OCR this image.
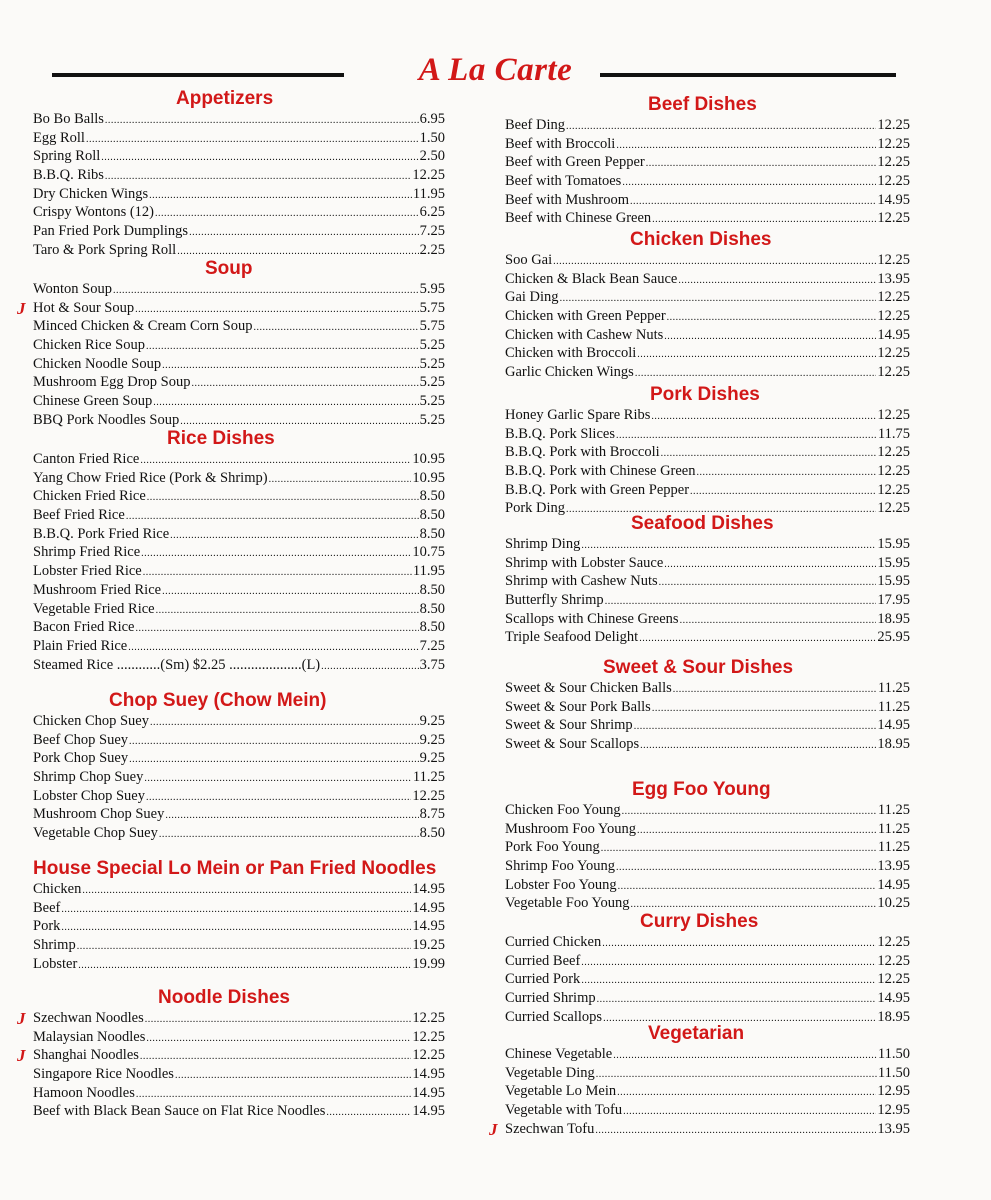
A La Carte
Appetizers
Bo Bo Balls .....	6.95
Egg Roll .....	1.50
Spring Roll .....	2.50
B.B.Q. Ribs .....	12.25
Dry Chicken Wings .....	11.95
Crispy Wontons (12) .....	6.25
Pan Fried Pork Dumplings .....	7.25
Taro & Pork Spring Roll .....	2.25
Soup
Wonton Soup .....	5.95
J Hot & Sour Soup .....	5.75
Minced Chicken & Cream Corn Soup .....	5.75
Chicken Rice Soup .....	5.25
Chicken Noodle Soup .....	5.25
Mushroom Egg Drop Soup .....	5.25
Chinese Green Soup .....	5.25
BBQ Pork Noodles Soup .....	5.25
Rice Dishes
Canton Fried Rice .....	10.95
Yang Chow Fried Rice (Pork & Shrimp) .....	10.95
Chicken Fried Rice .....	8.50
Beef Fried Rice .....	8.50
B.B.Q. Pork Fried Rice .....	8.50
Shrimp Fried Rice .....	10.75
Lobster Fried Rice .....	11.95
Mushroom Fried Rice .....	8.50
Vegetable Fried Rice .....	8.50
Bacon Fried Rice .....	8.50
Plain Fried Rice .....	7.25
Steamed Rice ............(Sm) $2.25 ....................(L) .....	3.75
Chop Suey (Chow Mein)
Chicken Chop Suey .....	9.25
Beef Chop Suey .....	9.25
Pork Chop Suey .....	9.25
Shrimp Chop Suey .....	11.25
Lobster Chop Suey .....	12.25
Mushroom Chop Suey .....	8.75
Vegetable Chop Suey .....	8.50
House Special Lo Mein or Pan Fried Noodles
Chicken .....	14.95
Beef .....	14.95
Pork .....	14.95
Shrimp .....	19.25
Lobster .....	19.99
Noodle Dishes
J Szechwan Noodles .....	12.25
Malaysian Noodles .....	12.25
J Shanghai Noodles .....	12.25
Singapore Rice Noodles .....	14.95
Hamoon Noodles .....	14.95
Beef with Black Bean Sauce on Flat Rice Noodles .....	14.95
Beef Dishes
Beef Ding .....	12.25
Beef with Broccoli .....	12.25
Beef with Green Pepper .....	12.25
Beef with Tomatoes .....	12.25
Beef with Mushroom .....	14.95
Beef with Chinese Green .....	12.25
Chicken Dishes
Soo Gai .....	12.25
Chicken & Black Bean Sauce .....	13.95
Gai Ding .....	12.25
Chicken with Green Pepper .....	12.25
Chicken with Cashew Nuts .....	14.95
Chicken with Broccoli .....	12.25
Garlic Chicken Wings .....	12.25
Pork Dishes
Honey Garlic Spare Ribs .....	12.25
B.B.Q. Pork Slices .....	11.75
B.B.Q. Pork with Broccoli .....	12.25
B.B.Q. Pork with Chinese Green .....	12.25
B.B.Q. Pork with Green Pepper .....	12.25
Pork Ding .....	12.25
Seafood Dishes
Shrimp Ding .....	15.95
Shrimp with Lobster Sauce .....	15.95
Shrimp with Cashew Nuts .....	15.95
Butterfly Shrimp .....	17.95
Scallops with Chinese Greens .....	18.95
Triple Seafood Delight .....	25.95
Sweet & Sour Dishes
Sweet & Sour Chicken Balls .....	11.25
Sweet & Sour Pork Balls .....	11.25
Sweet & Sour Shrimp .....	14.95
Sweet & Sour Scallops .....	18.95
Egg Foo Young
Chicken Foo Young .....	11.25
Mushroom Foo Young .....	11.25
Pork Foo Young .....	11.25
Shrimp Foo Young .....	13.95
Lobster Foo Young .....	14.95
Vegetable Foo Young .....	10.25
Curry Dishes
Curried Chicken .....	12.25
Curried Beef .....	12.25
Curried Pork .....	12.25
Curried Shrimp .....	14.95
Curried Scallops .....	18.95
Vegetarian
Chinese Vegetable .....	11.50
Vegetable Ding .....	11.50
Vegetable Lo Mein .....	12.95
Vegetable with Tofu .....	12.95
J Szechwan Tofu .....	13.95
